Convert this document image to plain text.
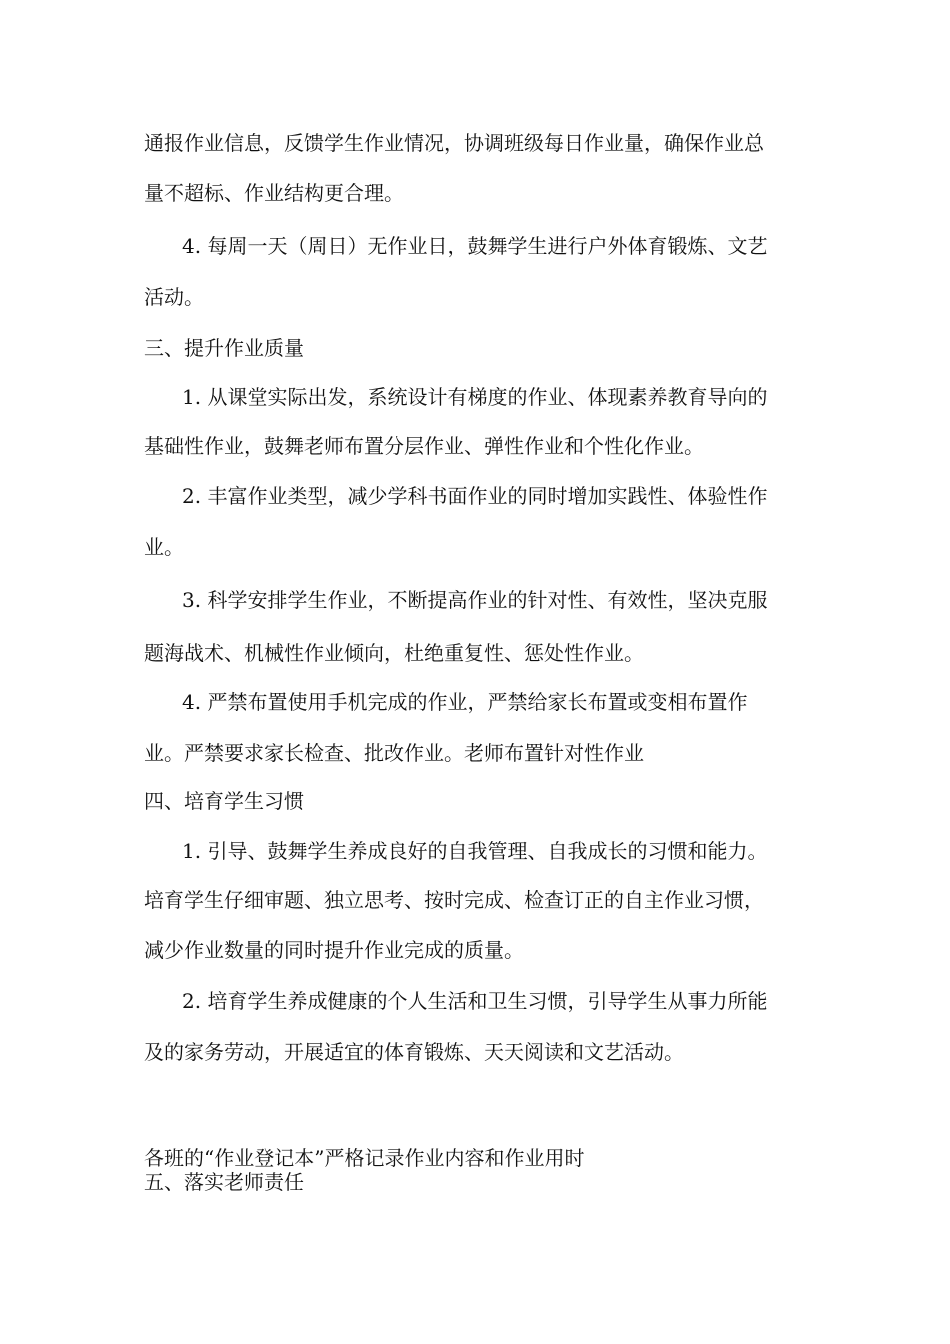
通报作业信息，反馈学生作业情况，协调班级每日作业量，确保作业总
量不超标、作业结构更合理。
4. 每周一天（周日）无作业日，鼓舞学生进行户外体育锻炼、文艺
活动。
三、提升作业质量
1. 从课堂实际出发，系统设计有梯度的作业、体现素养教育导向的
基础性作业，鼓舞老师布置分层作业、弹性作业和个性化作业。
2. 丰富作业类型，减少学科书面作业的同时增加实践性、体验性作
业。
3. 科学安排学生作业，不断提高作业的针对性、有效性，坚决克服
题海战术、机械性作业倾向，杜绝重复性、惩处性作业。
4. 严禁布置使用手机完成的作业，严禁给家长布置或变相布置作
业。严禁要求家长检查、批改作业。老师布置针对性作业
四、培育学生习惯
1. 引导、鼓舞学生养成良好的自我管理、自我成长的习惯和能力。
培育学生仔细审题、独立思考、按时完成、检查订正的自主作业习惯，
减少作业数量的同时提升作业完成的质量。
2. 培育学生养成健康的个人生活和卫生习惯，引导学生从事力所能
及的家务劳动，开展适宜的体育锻炼、天天阅读和文艺活动。
各班的“作业登记本”严格记录作业内容和作业用时
五、落实老师责任
